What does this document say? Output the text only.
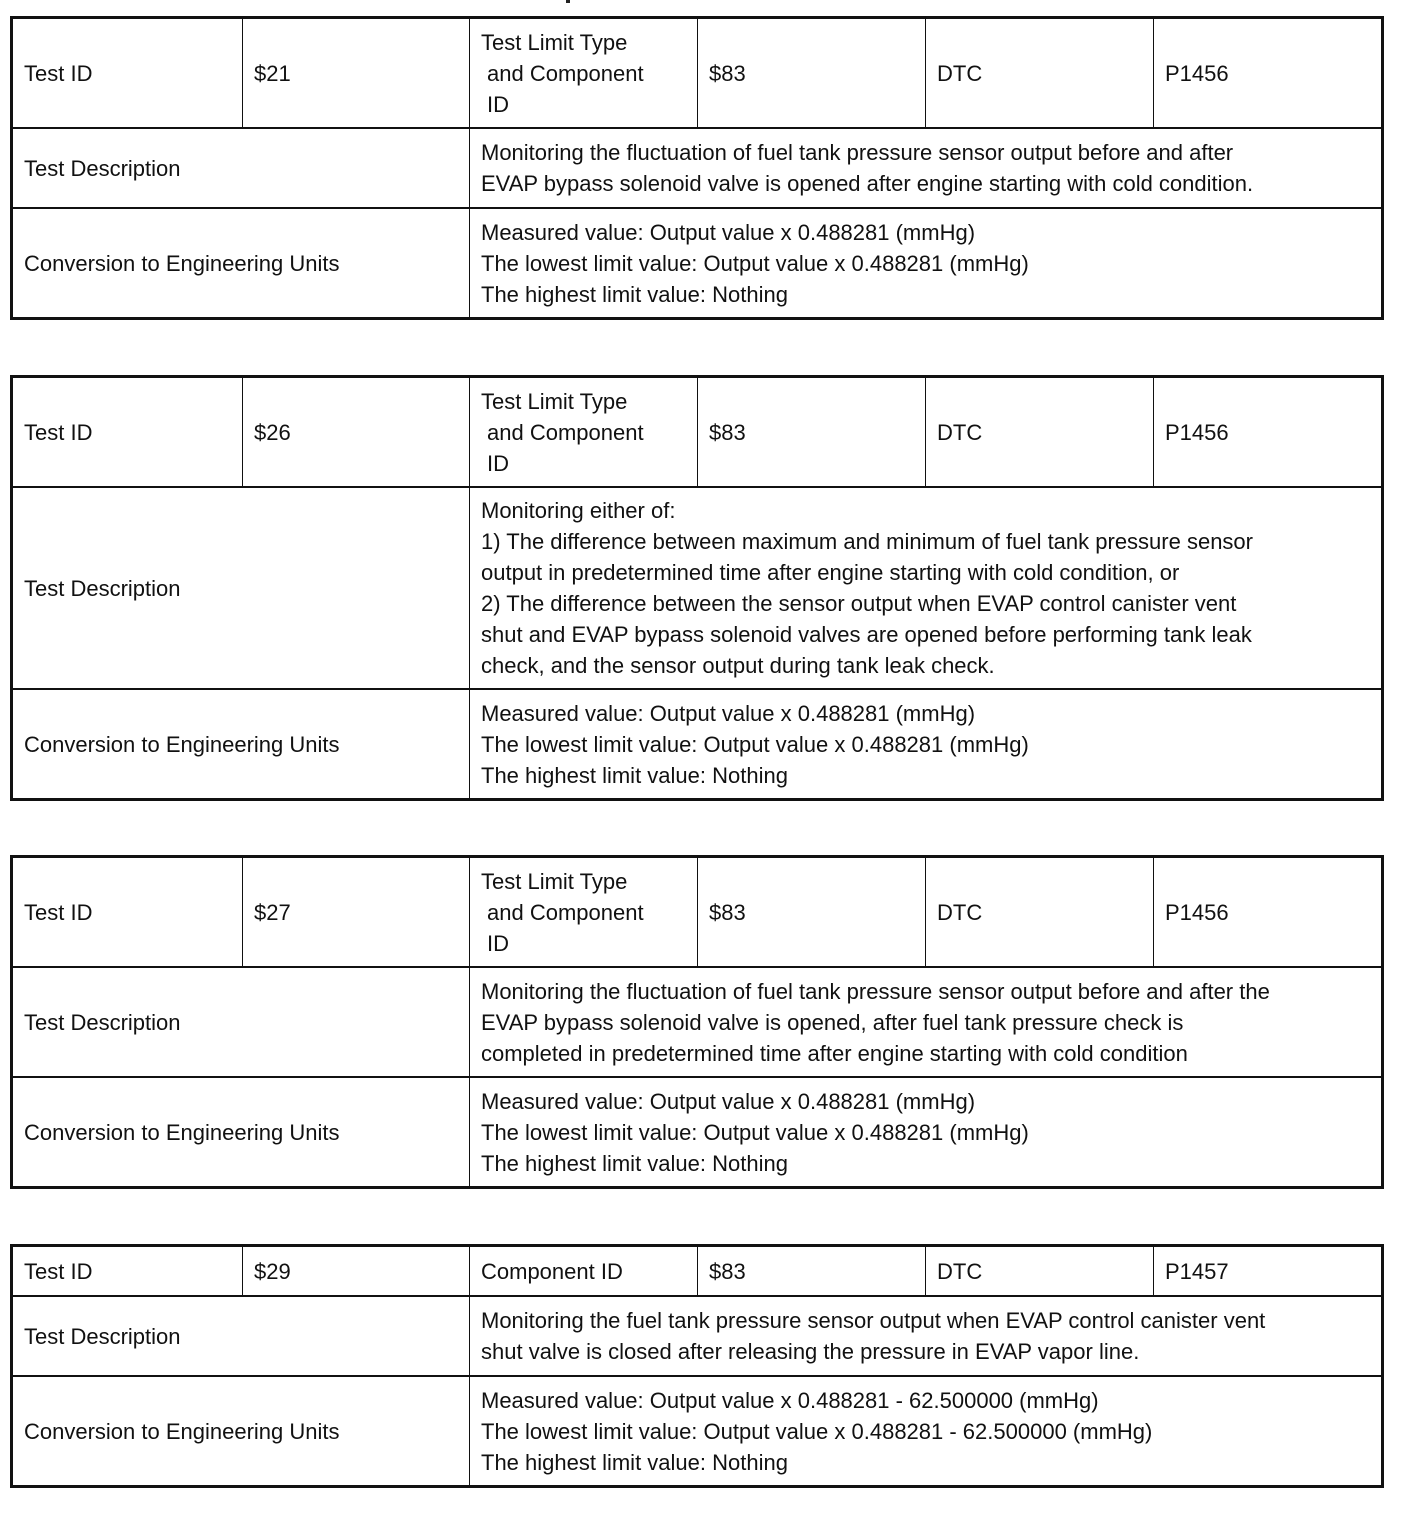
Test ID	$21	Test Limit Type
and Component
ID	$83	DTC	P1456
Test Description		Monitoring the fluctuation of fuel tank pressure sensor output before and after
EVAP bypass solenoid valve is opened after engine starting with cold condition.			

Conversion to Engineering Units		Measured value: Output value x 0.488281 (mmHg)
The lowest limit value: Output value x 0.488281 (mmHg)
The highest limit value: Nothing			
Test ID	$26	Test Limit Type
and Component
ID	$83	DTC	P1456
Test Description	
Monitoring either of:
1) The difference between maximum and minimum of fuel tank pressure sensor
output in predetermined time after engine starting with cold condition, or
2) The difference between the sensor output when EVAP control canister vent
shut and EVAP bypass solenoid valves are opened before performing tank leak
check, and the sensor output during tank leak check.

Conversion to Engineering Units		Measured value: Output value x 0.488281 (mmHg)
The lowest limit value: Output value x 0.488281 (mmHg)
The highest limit value: Nothing			
Test ID	$27	Test Limit Type
and Component
ID	$83	DTC	P1456
Test Description		Monitoring the fluctuation of fuel tank pressure sensor output before and after the
EVAP bypass solenoid valve is opened, after fuel tank pressure check is
completed in predetermined time after engine starting with cold condition			

Conversion to Engineering Units		Measured value: Output value x 0.488281 (mmHg)
The lowest limit value: Output value x 0.488281 (mmHg)
The highest limit value: Nothing			
Test ID	$29	Component ID	$83	DTC	P1457
Test Description		Monitoring the fuel tank pressure sensor output when EVAP control canister vent
shut valve is closed after releasing the pressure in EVAP vapor line.			

Conversion to Engineering Units		Measured value: Output value x 0.488281 - 62.500000 (mmHg)
The lowest limit value: Output value x 0.488281 - 62.500000 (mmHg)
The highest limit value: Nothing			
